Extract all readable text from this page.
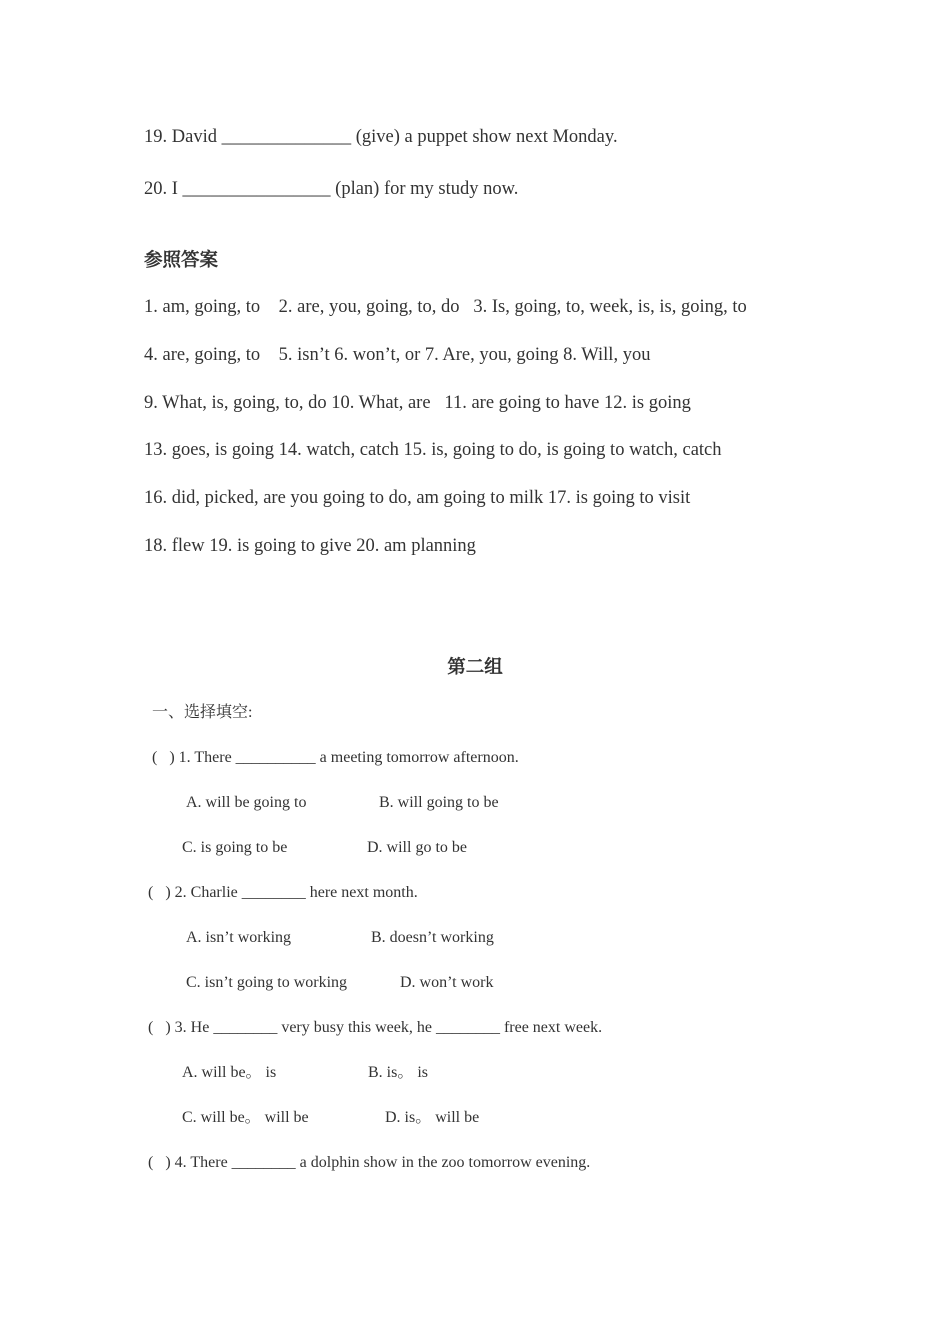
19. David ______________ (give) a puppet show next Monday.
20. I ________________ (plan) for my study now.
参照答案
1. am, going, to    2. are, you, going, to, do   3. Is, going, to, week, is, is, going, to
4. are, going, to    5. isn’t 6. won’t, or 7. Are, you, going 8. Will, you
9. What, is, going, to, do 10. What, are   11. are going to have 12. is going
13. goes, is going 14. watch, catch 15. is, going to do, is going to watch, catch
16. did, picked, are you going to do, am going to milk 17. is going to visit
18. flew 19. is going to give 20. am planning
第二组
一、选择填空:
(   ) 1. There __________ a meeting tomorrow afternoon.
A. will be going to	B. will going to be
C. is going to be	D. will go to be
(   ) 2. Charlie ________ here next month.
A. isn’t working	B. doesn’t working
C. isn’t going to working	D. won’t work
(   ) 3. He ________ very busy this week, he ________ free next week.
A. will be。 is	B. is。 is
C. will be。 will be	D. is。 will be
(   ) 4. There ________ a dolphin show in the zoo tomorrow evening.
